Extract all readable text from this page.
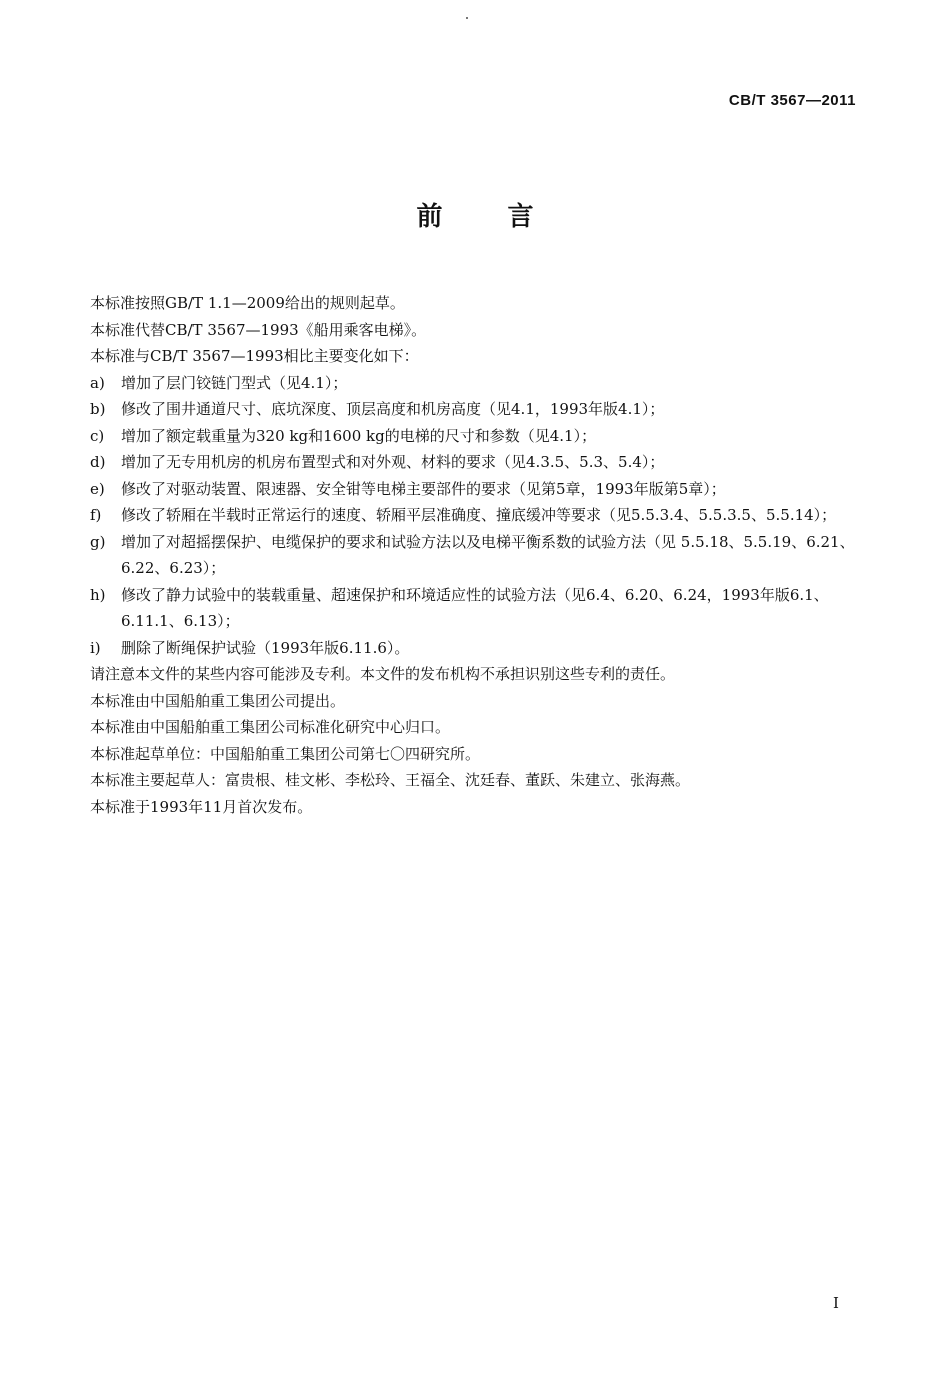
CB/T 3567—2011
前 言
本标准按照GB/T 1.1—2009给出的规则起草。
本标准代替CB/T 3567—1993《船用乘客电梯》。
本标准与CB/T 3567—1993相比主要变化如下：
a)	增加了层门铰链门型式（见4.1）；
b)	修改了围井通道尺寸、底坑深度、顶层高度和机房高度（见4.1，1993年版4.1）；
c)	增加了额定载重量为320 kg和1600 kg的电梯的尺寸和参数（见4.1）；
d)	增加了无专用机房的机房布置型式和对外观、材料的要求（见4.3.5、5.3、5.4）；
e)	修改了对驱动装置、限速器、安全钳等电梯主要部件的要求（见第5章，1993年版第5章）；
f)	修改了轿厢在半载时正常运行的速度、轿厢平层准确度、撞底缓冲等要求（见5.5.3.4、5.5.3.5、5.5.14）；
g)	增加了对超摇摆保护、电缆保护的要求和试验方法以及电梯平衡系数的试验方法（见 5.5.18、5.5.19、6.21、6.22、6.23）；
h)	修改了静力试验中的装载重量、超速保护和环境适应性的试验方法（见6.4、6.20、6.24，1993年版6.1、6.11.1、6.13）；
i)	删除了断绳保护试验（1993年版6.11.6）。
请注意本文件的某些内容可能涉及专利。本文件的发布机构不承担识别这些专利的责任。
本标准由中国船舶重工集团公司提出。
本标准由中国船舶重工集团公司标准化研究中心归口。
本标准起草单位：中国船舶重工集团公司第七〇四研究所。
本标准主要起草人：富贵根、桂文彬、李松玲、王福全、沈廷春、董跃、朱建立、张海燕。
本标准于1993年11月首次发布。
I
